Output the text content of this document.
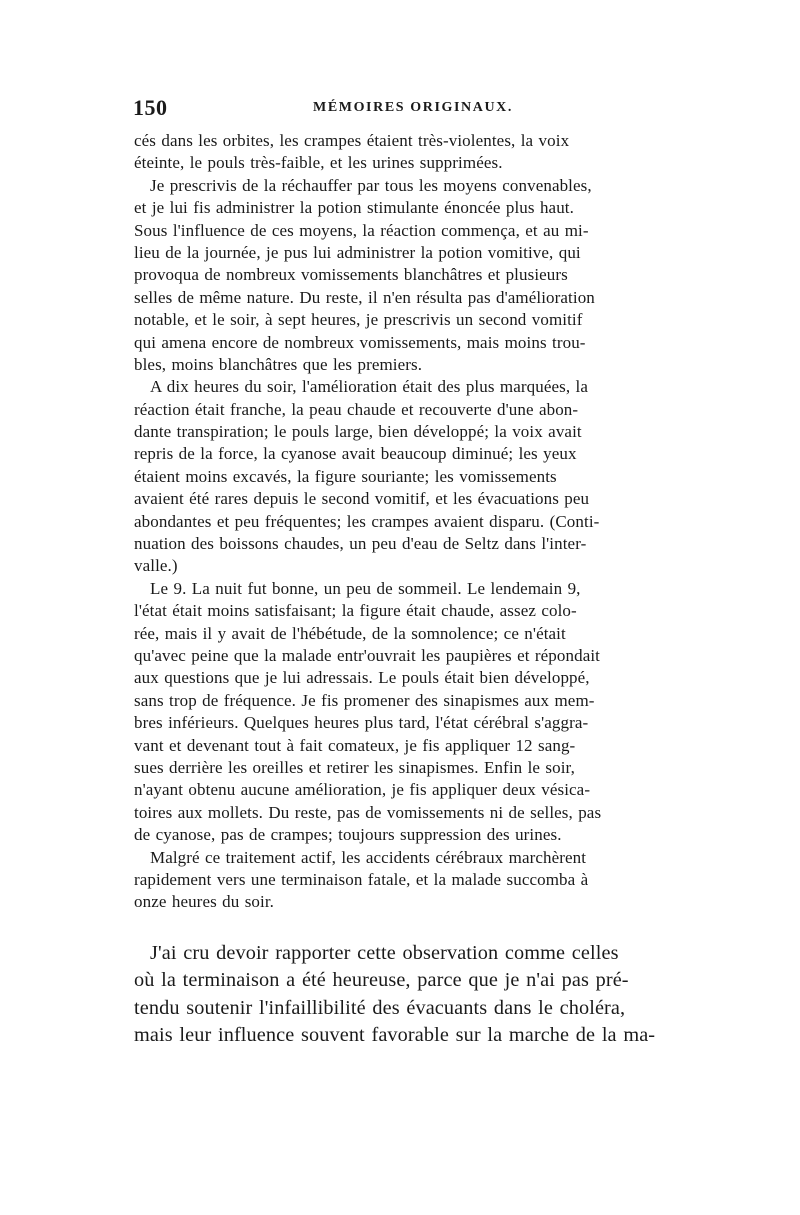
150	MÉMOIRES ORIGINAUX.
cés dans les orbites, les crampes étaient très-violentes, la voix
éteinte, le pouls très-faible, et les urines supprimées.
Je prescrivis de la réchauffer par tous les moyens convenables,
et je lui fis administrer la potion stimulante énoncée plus haut.
Sous l'influence de ces moyens, la réaction commença, et au mi-
lieu de la journée, je pus lui administrer la potion vomitive, qui
provoqua de nombreux vomissements blanchâtres et plusieurs
selles de même nature. Du reste, il n'en résulta pas d'amélioration
notable, et le soir, à sept heures, je prescrivis un second vomitif
qui amena encore de nombreux vomissements, mais moins trou-
bles, moins blanchâtres que les premiers.
A dix heures du soir, l'amélioration était des plus marquées, la
réaction était franche, la peau chaude et recouverte d'une abon-
dante transpiration; le pouls large, bien développé; la voix avait
repris de la force, la cyanose avait beaucoup diminué; les yeux
étaient moins excavés, la figure souriante; les vomissements
avaient été rares depuis le second vomitif, et les évacuations peu
abondantes et peu fréquentes; les crampes avaient disparu. (Conti-
nuation des boissons chaudes, un peu d'eau de Seltz dans l'inter-
valle.)
Le 9. La nuit fut bonne, un peu de sommeil. Le lendemain 9,
l'état était moins satisfaisant; la figure était chaude, assez colo-
rée, mais il y avait de l'hébétude, de la somnolence; ce n'était
qu'avec peine que la malade entr'ouvrait les paupières et répondait
aux questions que je lui adressais. Le pouls était bien développé,
sans trop de fréquence. Je fis promener des sinapismes aux mem-
bres inférieurs. Quelques heures plus tard, l'état cérébral s'aggra-
vant et devenant tout à fait comateux, je fis appliquer 12 sang-
sues derrière les oreilles et retirer les sinapismes. Enfin le soir,
n'ayant obtenu aucune amélioration, je fis appliquer deux vésica-
toires aux mollets. Du reste, pas de vomissements ni de selles, pas
de cyanose, pas de crampes; toujours suppression des urines.
Malgré ce traitement actif, les accidents cérébraux marchèrent
rapidement vers une terminaison fatale, et la malade succomba à
onze heures du soir.
J'ai cru devoir rapporter cette observation comme celles
où la terminaison a été heureuse, parce que je n'ai pas pré-
tendu soutenir l'infaillibilité des évacuants dans le choléra,
mais leur influence souvent favorable sur la marche de la ma-
